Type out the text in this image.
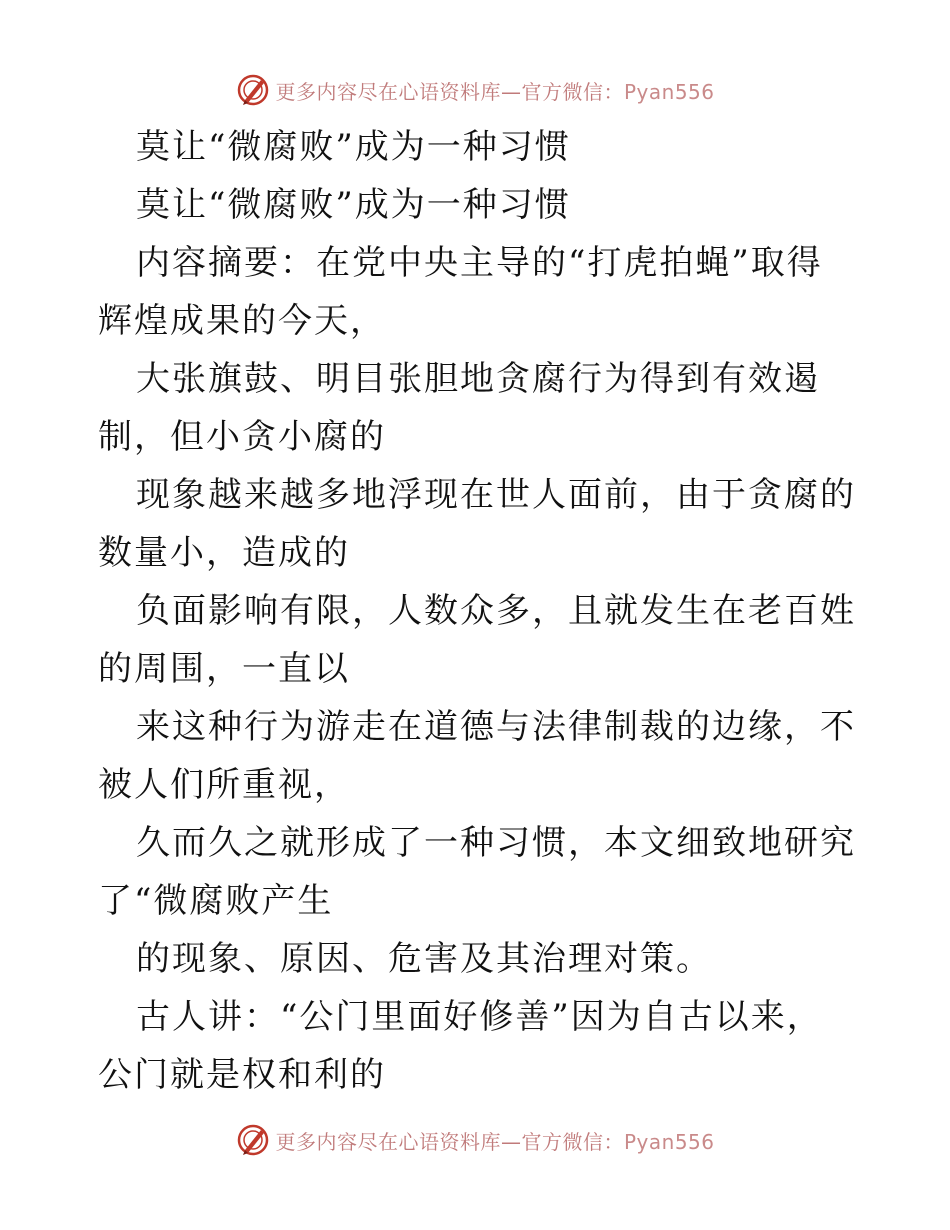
更多内容尽在心语资料库—官方微信：Pyan556

莫让“微腐败”成为一种习惯

莫让“微腐败”成为一种习惯

内容摘要：在党中央主导的“打虎拍蝇”取得辉煌成果的今天，

大张旗鼓、明目张胆地贪腐行为得到有效遏制，但小贪小腐的

现象越来越多地浮现在世人面前，由于贪腐的数量小，造成的

负面影响有限，人数众多，且就发生在老百姓的周围，一直以

来这种行为游走在道德与法律制裁的边缘，不被人们所重视，

久而久之就形成了一种习惯，本文细致地研究了“微腐败产生

的现象、原因、危害及其治理对策。

古人讲：“公门里面好修善”因为自古以来，公门就是权和利的

更多内容尽在心语资料库—官方微信：Pyan556
